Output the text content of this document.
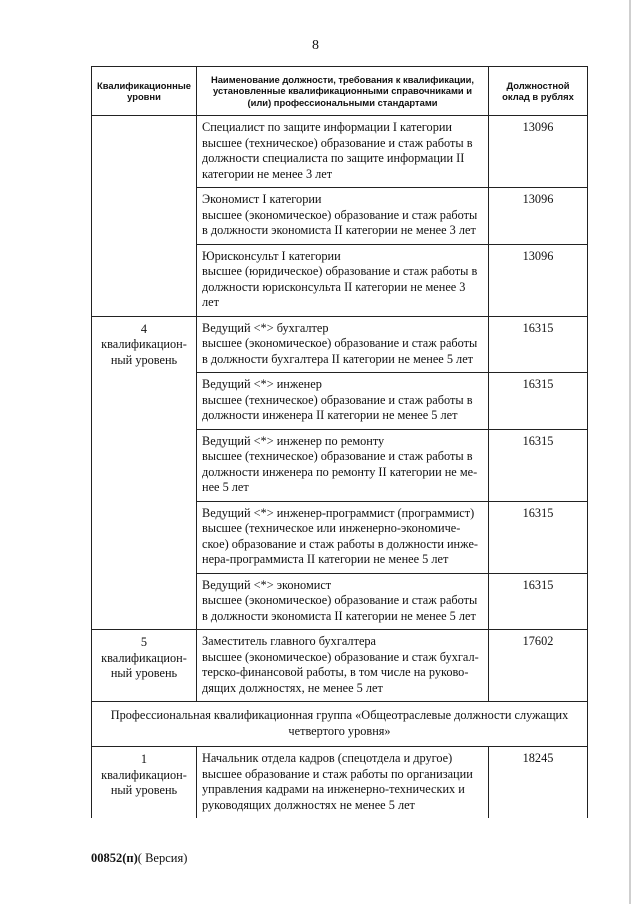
8
Квалификационные уровни	Наименование должности, требования к квалификации, установленные квалификационными справочниками и (или) профессиональными стандартами	Должностной оклад в рублях

	Специалист по защите информации I категории
высшее (техническое) образование и стаж работы в должности специалиста по защите информации II категории не менее 3 лет	13096

	Экономист I категории
высшее (экономическое) образование и стаж работы в должности экономиста II категории не менее 3 лет	13096

	Юрисконсульт I категории
высшее (юридическое) образование и стаж работы в должности юрисконсульта II категории не менее 3 лет	13096
4 квалификацион-ный уровень	Ведущий <*> бухгалтер
высшее (экономическое) образование и стаж работы в должности бухгалтера II категории не менее 5 лет	16315

	Ведущий <*> инженер
высшее (техническое) образование и стаж работы в должности инженера II категории не менее 5 лет	16315

	Ведущий <*> инженер по ремонту
высшее (техническое) образование и стаж работы в должности инженера по ремонту II категории не ме-нее 5 лет	16315

	Ведущий <*> инженер-программист (программист)
высшее (техническое или инженерно-экономиче-ское) образование и стаж работы в должности инже-нера-программиста II категории не менее 5 лет	16315

	Ведущий <*> экономист
высшее (экономическое) образование и стаж работы в должности экономиста II категории не менее 5 лет	16315
5 квалификацион-ный уровень	Заместитель главного бухгалтера
высшее (экономическое) образование и стаж бухгал-терско-финансовой работы, в том числе на руково-дящих должностях, не менее 5 лет	17602
Профессиональная квалификационная группа «Общеотраслевые должности служащих четвертого уровня»		
1 квалификацион-ный уровень	Начальник отдела кадров (спецотдела и другое)
высшее образование и стаж работы по организации управления кадрами на инженерно-технических и руководящих должностях не менее 5 лет	18245
00852(п)( Версия)
